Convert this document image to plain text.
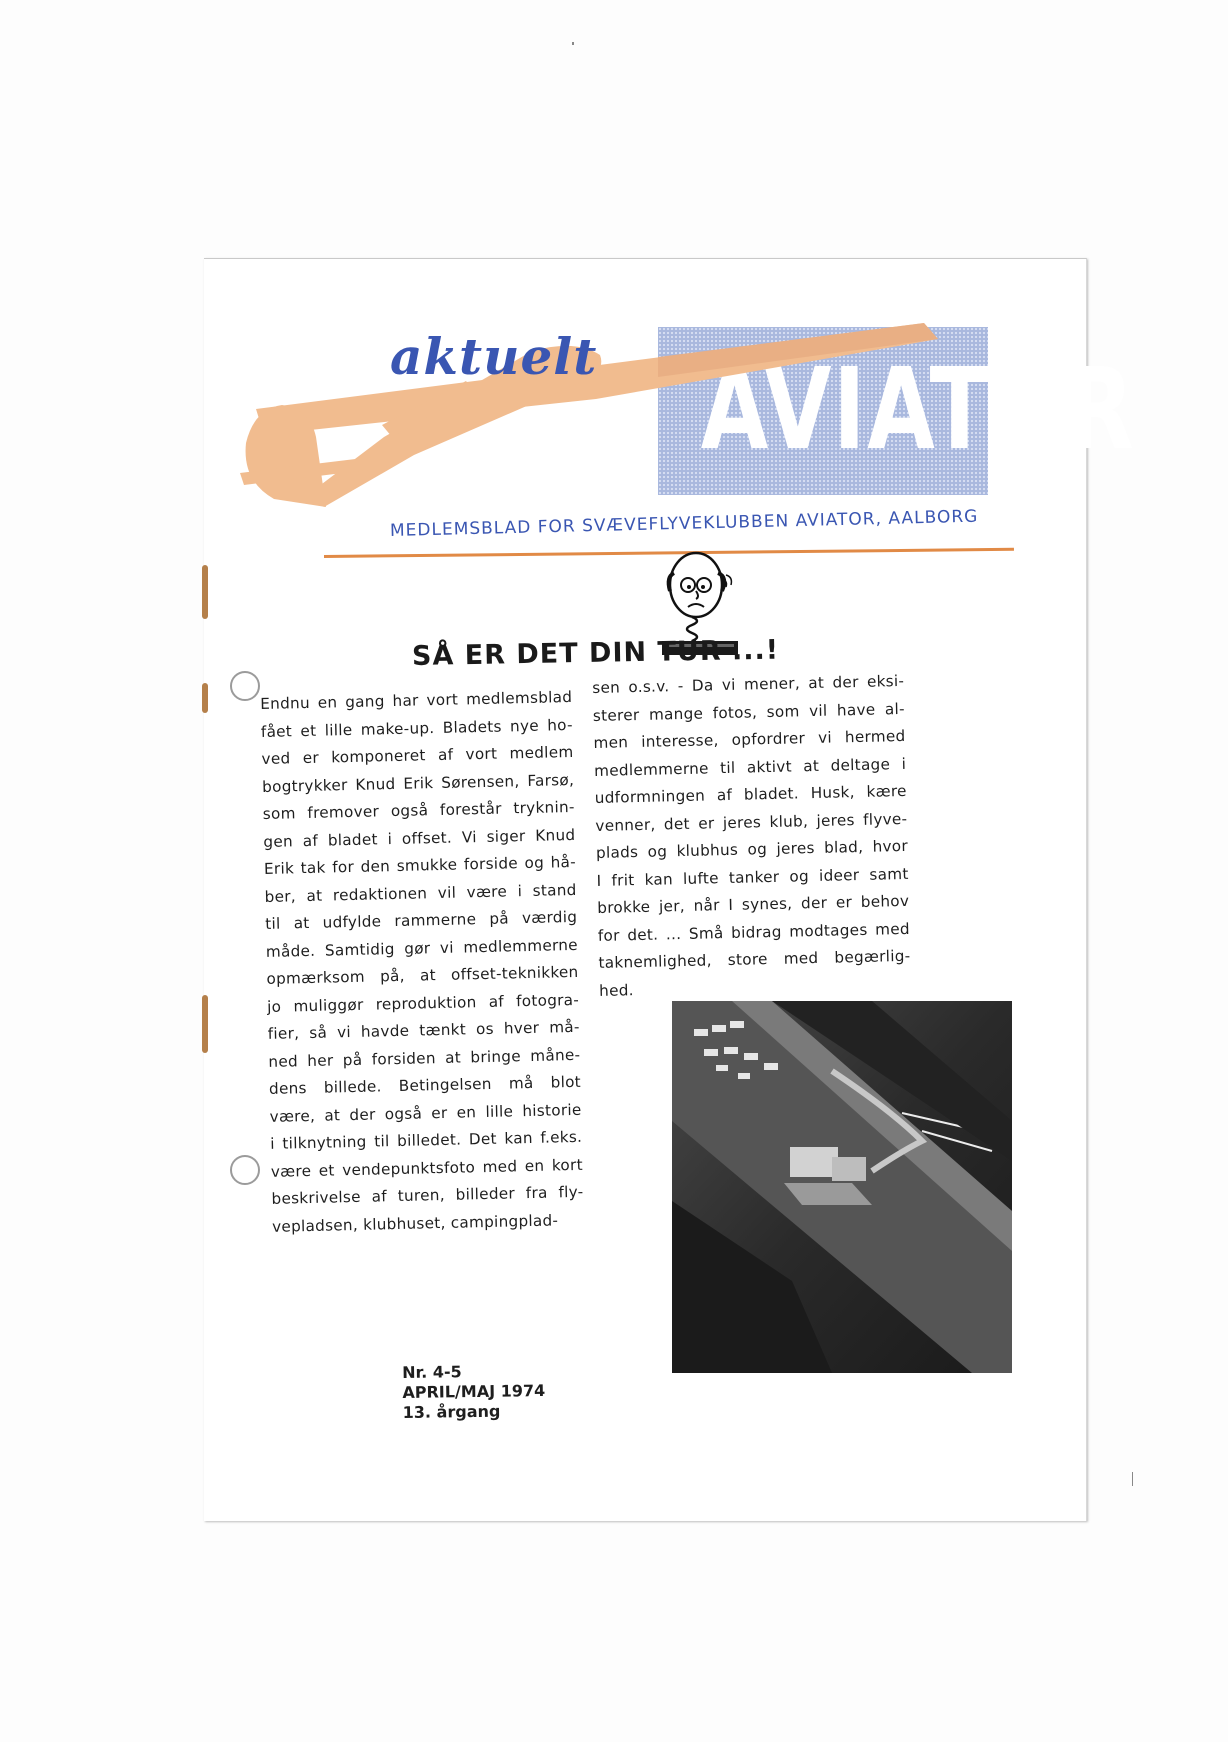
AVIATOR
aktuelt
MEDLEMSBLAD FOR SVÆVEFLYVEKLUBBEN AVIATOR, AALBORG
SÅ ER DET DIN TUR ...!

Endnu en gang har vort medlemsblad

fået et lille make-up. Bladets nye ho-

ved er komponeret af vort medlem

bogtrykker Knud Erik Sørensen, Farsø,

som fremover også forestår tryknin-

gen af bladet i offset. Vi siger Knud

Erik tak for den smukke forside og hå-

ber, at redaktionen vil være i stand

til at udfylde rammerne på værdig

måde. Samtidig gør vi medlemmerne

opmærksom på, at offset-teknikken

jo muliggør reproduktion af fotogra-

fier, så vi havde tænkt os hver må-

ned her på forsiden at bringe måne-

dens billede. Betingelsen må blot

være, at der også er en lille historie

i tilknytning til billedet. Det kan f.eks.

være et vendepunktsfoto med en kort

beskrivelse af turen, billeder fra fly-

vepladsen, klubhuset, campingplad-

sen o.s.v. - Da vi mener, at der eksi-

sterer mange fotos, som vil have al-

men interesse, opfordrer vi hermed

medlemmerne til aktivt at deltage i

udformningen af bladet. Husk, kære

venner, det er jeres klub, jeres flyve-

plads og klubhus og jeres blad, hvor

I frit kan lufte tanker og ideer samt

brokke jer, når I synes, der er behov

for det. ... Små bidrag modtages med

taknemlighed, store med begærlig-

hed.

Nr. 4-5
APRIL/MAJ 1974
13. årgang
